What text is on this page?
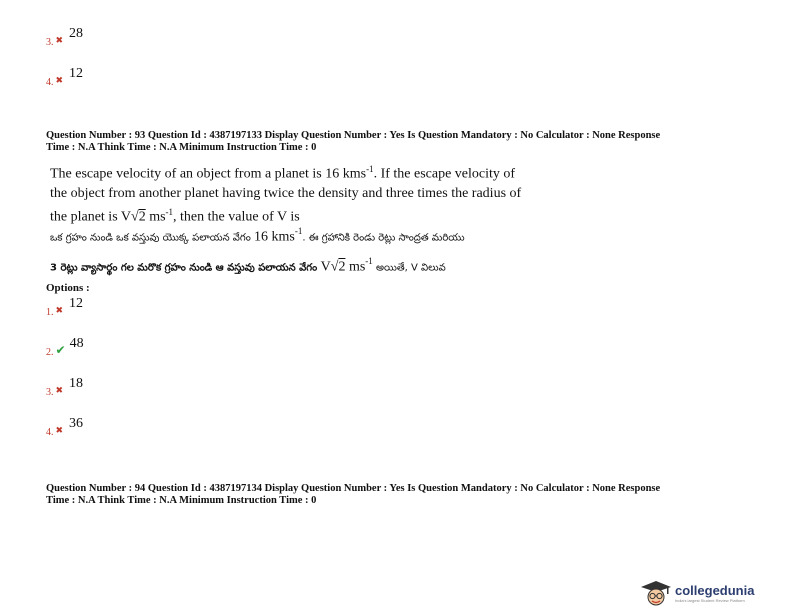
3. ✖ 28
4. ✖ 12
Question Number : 93 Question Id : 4387197133 Display Question Number : Yes Is Question Mandatory : No Calculator : None Response
Time : N.A Think Time : N.A Minimum Instruction Time : 0
The escape velocity of an object from a planet is 16 kms$^{-1}$. If the escape velocity of
the object from another planet having twice the density and three times the radius of
the planet is V√2 $ms^{-1}$, then the value of V is
ఒక గ్రహం నుండి ఒక వస్తువు యొక్క పలాయన వేగం 16 kms$^{-1}$. ఈ గ్రహానికి రెండు రెట్లు సాంద్రత మరియు
3 రెట్లు వ్యాసార్థం గల మరొక గ్రహం నుండి ఆ వస్తువు పలాయన వేగం V√2 $ms^{-1}$ అయితే, V విలువ
Options :
1. ✖ 12
2. ✔ 48
3. ✖ 18
4. ✖ 36
Question Number : 94 Question Id : 4387197134 Display Question Number : Yes Is Question Mandatory : No Calculator : None Response
Time : N.A Think Time : N.A Minimum Instruction Time : 0
collegedunia
India's largest Student Review Platform
